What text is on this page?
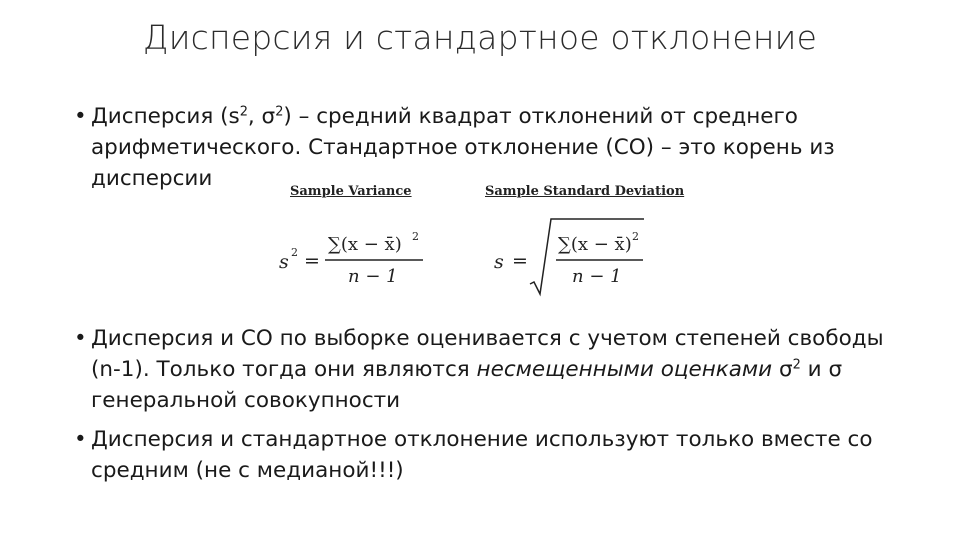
Дисперсия и стандартное отклонение
• Дисперсия ($s^2$, $\sigma^2$) – средний квадрат отклонений от среднего арифметического. Стандартное отклонение (СО) – это корень из дисперсии
Sample Variance	Sample Standard Deviation
s 2 =
∑(x − x̄) 2
n − 1
s =
∑(x − x̄) 2
n − 1
• Дисперсия и СО по выборке оценивается с учетом степеней свободы (n-1). Только тогда они являются несмещенными оценками $\sigma^2$ и σ генеральной совокупности
• Дисперсия и стандартное отклонение используют только вместе со средним (не с медианой!!!)
